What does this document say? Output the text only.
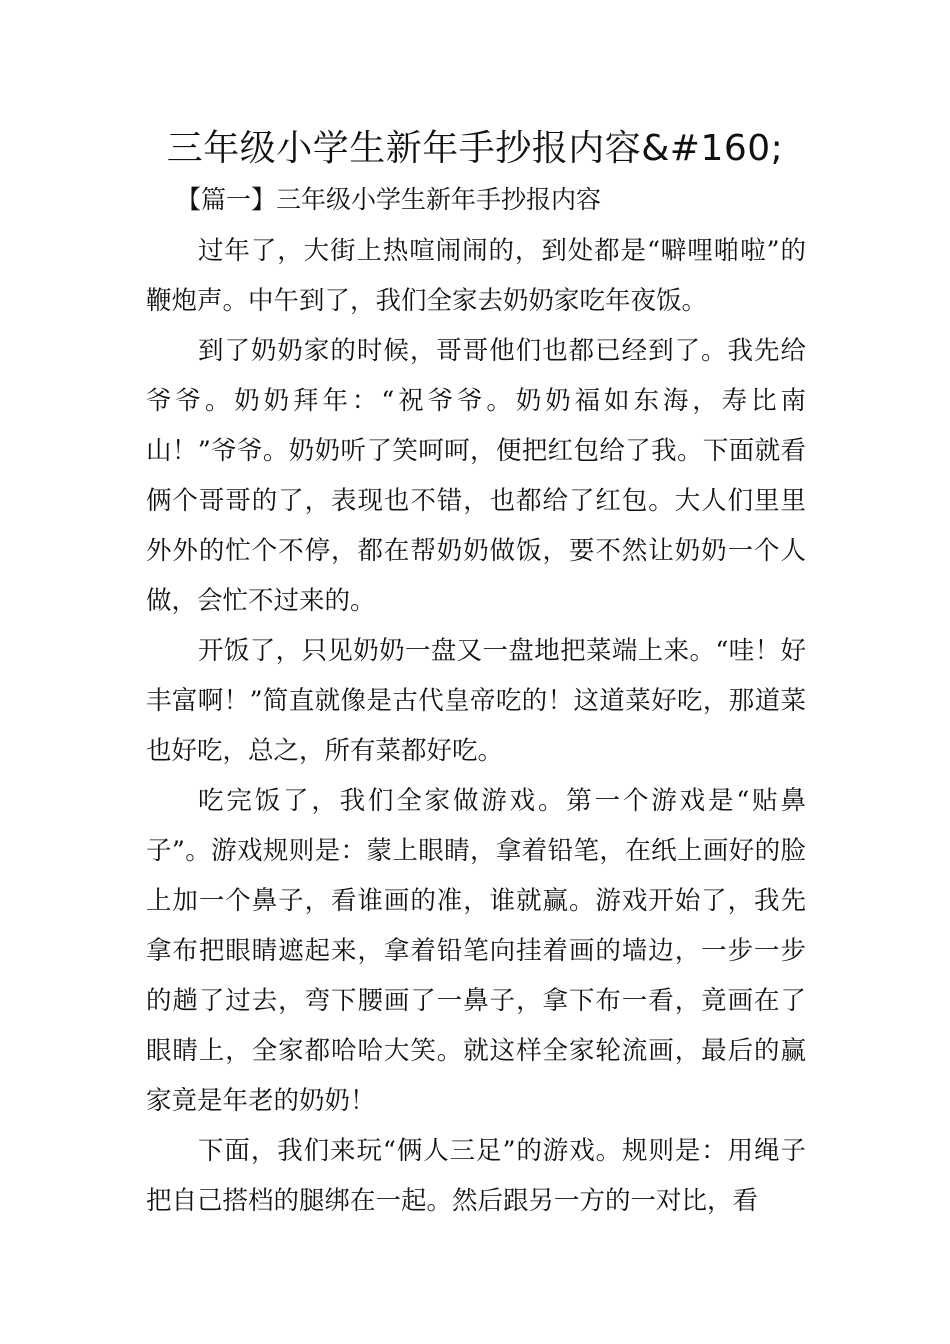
三年级小学生新年手抄报内容&#160;

【篇一】三年级小学生新年手抄报内容

过年了，大街上热喧闹闹的，到处都是“噼哩啪啦”的鞭炮声。中午到了，我们全家去奶奶家吃年夜饭。

到了奶奶家的时候，哥哥他们也都已经到了。我先给爷爷。奶奶拜年：“祝爷爷。奶奶福如东海，寿比南山！”爷爷。奶奶听了笑呵呵，便把红包给了我。下面就看俩个哥哥的了，表现也不错，也都给了红包。大人们里里外外的忙个不停，都在帮奶奶做饭，要不然让奶奶一个人做，会忙不过来的。

开饭了，只见奶奶一盘又一盘地把菜端上来。“哇！好丰富啊！”简直就像是古代皇帝吃的！这道菜好吃，那道菜也好吃，总之，所有菜都好吃。

吃完饭了，我们全家做游戏。第一个游戏是“贴鼻子”。游戏规则是：蒙上眼睛，拿着铅笔，在纸上画好的脸上加一个鼻子，看谁画的准，谁就赢。游戏开始了，我先拿布把眼睛遮起来，拿着铅笔向挂着画的墙边，一步一步的趟了过去，弯下腰画了一鼻子，拿下布一看，竟画在了眼睛上，全家都哈哈大笑。就这样全家轮流画，最后的赢家竟是年老的奶奶！

下面，我们来玩“俩人三足”的游戏。规则是：用绳子把自己搭档的腿绑在一起。然后跟另一方的一对比，看
